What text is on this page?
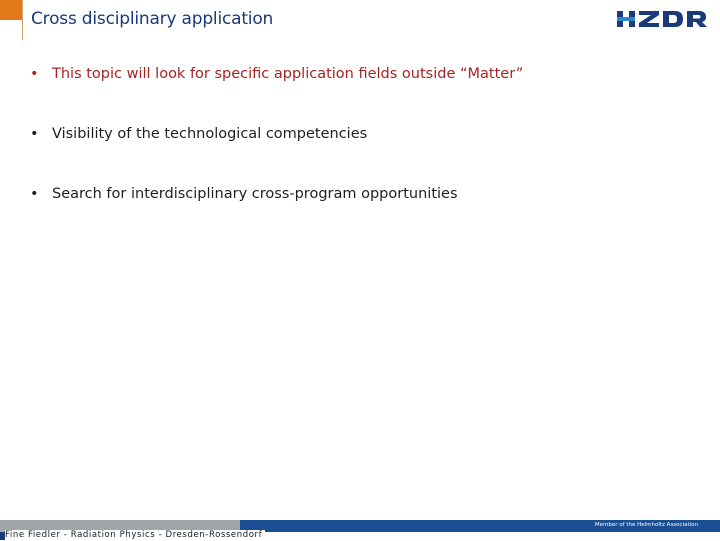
Cross disciplinary application
• This topic will look for specific application fields outside “Matter”
• Visibility of the technological competencies
• Search for interdisciplinary cross-program opportunities
Member of the Helmholtz Association
Fine Fiedler - Radiation Physics - Dresden-Rossendorf
